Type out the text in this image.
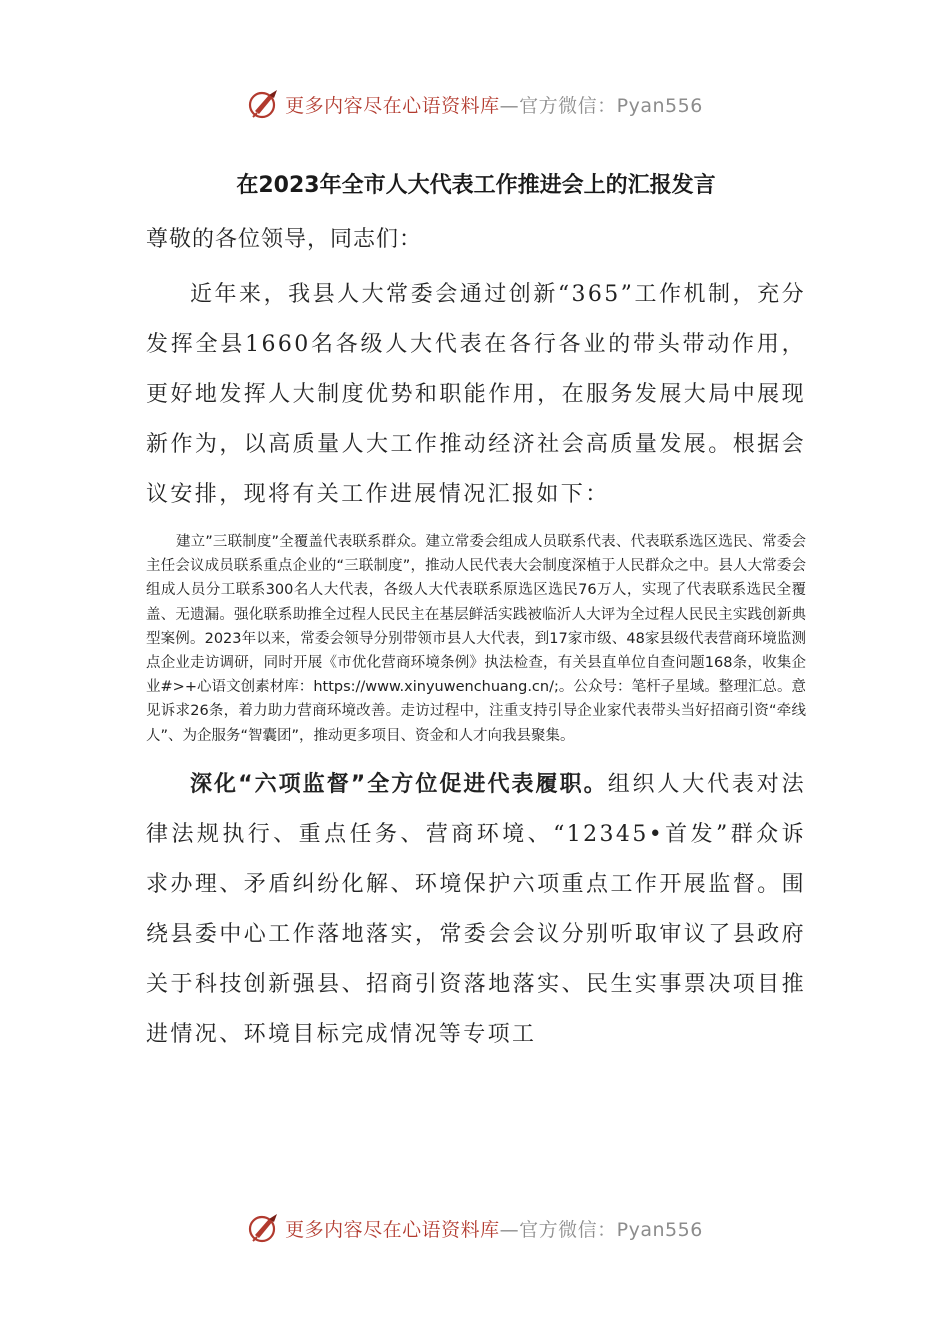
更多内容尽在心语资料库—官方微信：Pyan556
在2023年全市人大代表工作推进会上的汇报发言

尊敬的各位领导，同志们：

近年来，我县人大常委会通过创新“365”工作机制，充分发挥全县1660名各级人大代表在各行各业的带头带动作用，更好地发挥人大制度优势和职能作用，在服务发展大局中展现新作为，以高质量人大工作推动经济社会高质量发展。根据会议安排，现将有关工作进展情况汇报如下：

建立”三联制度”全覆盖代表联系群众。建立常委会组成人员联系代表、代表联系选区选民、常委会主任会议成员联系重点企业的“三联制度”，推动人民代表大会制度深植于人民群众之中。县人大常委会组成人员分工联系300名人大代表，各级人大代表联系原选区选民76万人，实现了代表联系选民全覆盖、无遗漏。强化联系助推全过程人民民主在基层鲜活实践被临沂人大评为全过程人民民主实践创新典型案例。2023年以来，常委会领导分别带领市县人大代表，到17家市级、48家县级代表营商环境监测点企业走访调研，同时开展《市优化营商环境条例》执法检查，有关县直单位自查问题168条，收集企业#>+心语文创素材库：https://www.xinyuwenchuang.cn/;。公众号：笔杆子星域。整理汇总。意见诉求26条，着力助力营商环境改善。走访过程中，注重支持引导企业家代表带头当好招商引资“牵线人”、为企服务“智囊团”，推动更多项目、资金和人才向我县聚集。

深化“六项监督”全方位促进代表履职。组织人大代表对法律法规执行、重点任务、营商环境、“12345•首发”群众诉求办理、矛盾纠纷化解、环境保护六项重点工作开展监督。围绕县委中心工作落地落实，常委会会议分别听取审议了县政府关于科技创新强县、招商引资落地落实、民生实事票决项目推进情况、环境目标完成情况等专项工

更多内容尽在心语资料库—官方微信：Pyan556
